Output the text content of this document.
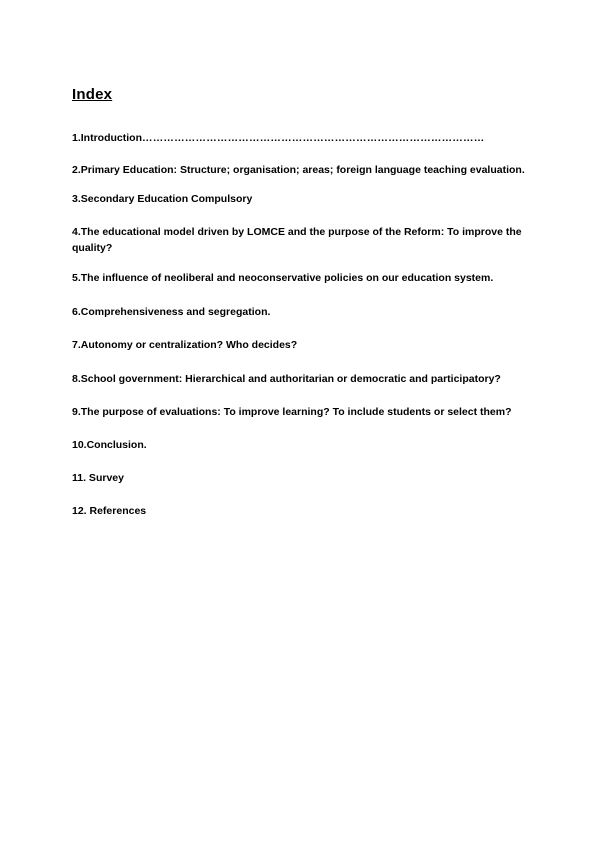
Index
1.Introduction……………………………………………………………………………………
2.Primary Education: Structure; organisation; areas; foreign language teaching evaluation.
3.Secondary Education Compulsory
4.The educational model driven by LOMCE and the purpose of the Reform: To improve the quality?
5.The influence of neoliberal and neoconservative policies on our education system.
6.Comprehensiveness and segregation.
7.Autonomy or centralization? Who decides?
8.School government: Hierarchical and authoritarian or democratic and participatory?
9.The purpose of evaluations: To improve learning? To include students or select them?
10.Conclusion.
11. Survey
12. References
